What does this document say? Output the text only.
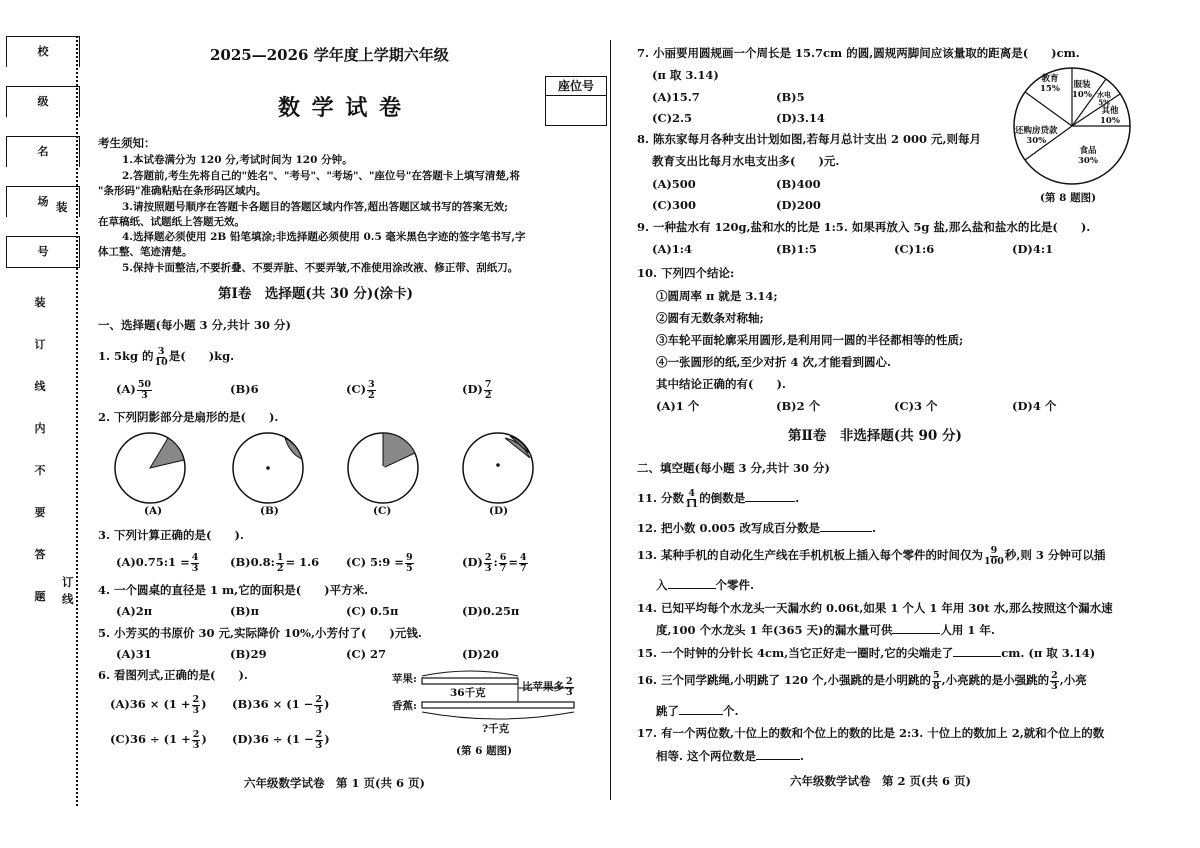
校
级
名
场
号
装
装
订
线
内
不
要
答
题
订
线
2025—2026 学年度上学期六年级
数 学 试 卷
座位号
考生须知：
1.本试卷满分为 120 分,考试时间为 120 分钟。
2.答题前,考生先将自己的"姓名"、"考号"、"考场"、"座位号"在答题卡上填写清楚,将
"条形码"准确粘贴在条形码区域内。
3.请按照题号顺序在答题卡各题目的答题区域内作答,超出答题区域书写的答案无效;
在草稿纸、试题纸上答题无效。
4.选择题必须使用 2B 铅笔填涂;非选择题必须使用 0.5 毫米黑色字迹的签字笔书写,字
体工整、笔迹清楚。
5.保持卡面整洁,不要折叠、不要弄脏、不要弄皱,不准使用涂改液、修正带、刮纸刀。
第Ⅰ卷　选择题(共 30 分)(涂卡)
一、选择题(每小题 3 分,共计 30 分)
1. 5kg 的 $\frac{3}{10}$ 是(　　)kg.
$(A) \frac{50}{3}$	(B)6	$(C) \frac{3}{2}$	$(D) \frac{7}{2}$
2. 下列阴影部分是扇形的是(　　).
(A)	(B)	(C)	(D)
3. 下列计算正确的是(　　).
(A)0.75:1 = $\frac{4}{3}$	(B)0.8: $\frac{1}{2} = 1.6$ (C) 5:9 = $\frac{9}{5}$	$(D) \frac{2}{3}$ : $\frac{6}{7} = \frac{4}{7}$
4. 一个圆桌的直径是 1 m,它的面积是(　　)平方米.
(A)2π	(B)π	(C) 0.5π	(D)0.25π
5. 小芳买的书原价 30 元,实际降价 10%,小芳付了(　　)元钱.
(A)31	(B)29	(C) 27	(D)20
6. 看图列式,正确的是(　　).
$(A)36 \times (1 + \frac{2}{3}$ ) $(B)36 \times (1 - \frac{2}{3}$ )
$(C)36 \div (1 + \frac{2}{3}$ ) $(D)36 \div (1 - \frac{2}{3}$ )
苹果:
香蕉:
36千克	比苹果多 $\frac{2}{3}$
?千克
(第 6 题图)
六年级数学试卷　第 1 页(共 6 页)
7. 小丽要用圆规画一个周长是 15.7cm 的圆,圆规两脚间应该量取的距离是(　　)cm.
(π 取 3.14)
(A)15.7	(B)5
(C)2.5	(D)3.14
8. 陈东家每月各种支出计划如图,若每月总计支出 2 000 元,则每月
教育支出比每月水电支出多(　　)元.
(A)500	(B)400
(C)300	(D)200
教育
15% 服装
10% 水电
5%
其他
10%
食品
30%
还购房贷款
30%
(第 8 题图)
9. 一种盐水有 120g,盐和水的比是 1:5. 如果再放入 5g 盐,那么盐和盐水的比是(　　).
(A)1:4	(B)1:5	(C)1:6	(D)4:1
10. 下列四个结论:
①圆周率 π 就是 3.14;
②圆有无数条对称轴;
③车轮平面轮廓采用圆形,是利用同一圆的半径都相等的性质;
④一张圆形的纸,至少对折 4 次,才能看到圆心.
其中结论正确的有(　　).
(A)1 个	(B)2 个	(C)3 个	(D)4 个
第Ⅱ卷　非选择题(共 90 分)
二、填空题(每小题 3 分,共计 30 分)
11. 分数 $\frac{4}{11}$ 的倒数是	.
12. 把小数 0.005 改写成百分数是	.
13. 某种手机的自动化生产线在手机机板上插入每个零件的时间仅为 $\frac{9}{100}$ 秒,则 3 分钟可以插
入	个零件.
14. 已知平均每个水龙头一天漏水约 0.06t,如果 1 个人 1 年用 30t 水,那么按照这个漏水速
度,100 个水龙头 1 年(365 天)的漏水量可供	人用 1 年.
15. 一个时钟的分针长 4cm,当它正好走一圈时,它的尖端走了	cm. (π 取 3.14)
16. 三个同学跳绳,小明跳了 120 个,小强跳的是小明跳的 $\frac{5}{8}$ ,小亮跳的是小强跳的 $\frac{2}{3}$ ,小亮
跳了	个.
17. 有一个两位数,十位上的数和个位上的数的比是 2:3. 十位上的数加上 2,就和个位上的数
相等. 这个两位数是	.
六年级数学试卷　第 2 页(共 6 页)
